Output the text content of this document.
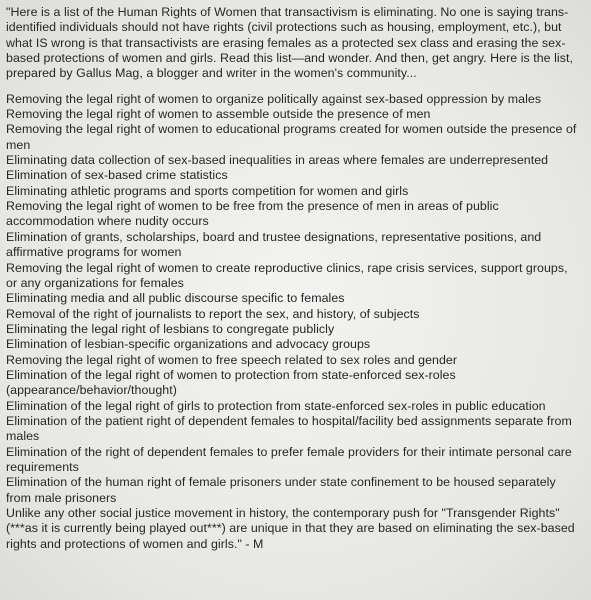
"Here is a list of the Human Rights of Women that transactivism is eliminating. No one is saying trans-identified individuals should not have rights (civil protections such as housing, employment, etc.), but what IS wrong is that transactivists are erasing females as a protected sex class and erasing the sex-based protections of women and girls. Read this list—and wonder. And then, get angry. Here is the list, prepared by Gallus Mag, a blogger and writer in the women's community...

Removing the legal right of women to organize politically against sex-based oppression by males
Removing the legal right of women to assemble outside the presence of men
Removing the legal right of women to educational programs created for women outside the presence of men
Eliminating data collection of sex-based inequalities in areas where females are underrepresented
Elimination of sex-based crime statistics
Eliminating athletic programs and sports competition for women and girls
Removing the legal right of women to be free from the presence of men in areas of public accommodation where nudity occurs
Elimination of grants, scholarships, board and trustee designations, representative positions, and affirmative programs for women
Removing the legal right of women to create reproductive clinics, rape crisis services, support groups, or any organizations for females
Eliminating media and all public discourse specific to females
Removal of the right of journalists to report the sex, and history, of subjects
Eliminating the legal right of lesbians to congregate publicly
Elimination of lesbian-specific organizations and advocacy groups
Removing the legal right of women to free speech related to sex roles and gender
Elimination of the legal right of women to protection from state-enforced sex-roles (appearance/behavior/thought)
Elimination of the legal right of girls to protection from state-enforced sex-roles in public education
Elimination of the patient right of dependent females to hospital/facility bed assignments separate from males
Elimination of the right of dependent females to prefer female providers for their intimate personal care requirements
Elimination of the human right of female prisoners under state confinement to be housed separately from male prisoners

Unlike any other social justice movement in history, the contemporary push for "Transgender Rights" (***as it is currently being played out***) are unique in that they are based on eliminating the sex-based rights and protections of women and girls." - M
